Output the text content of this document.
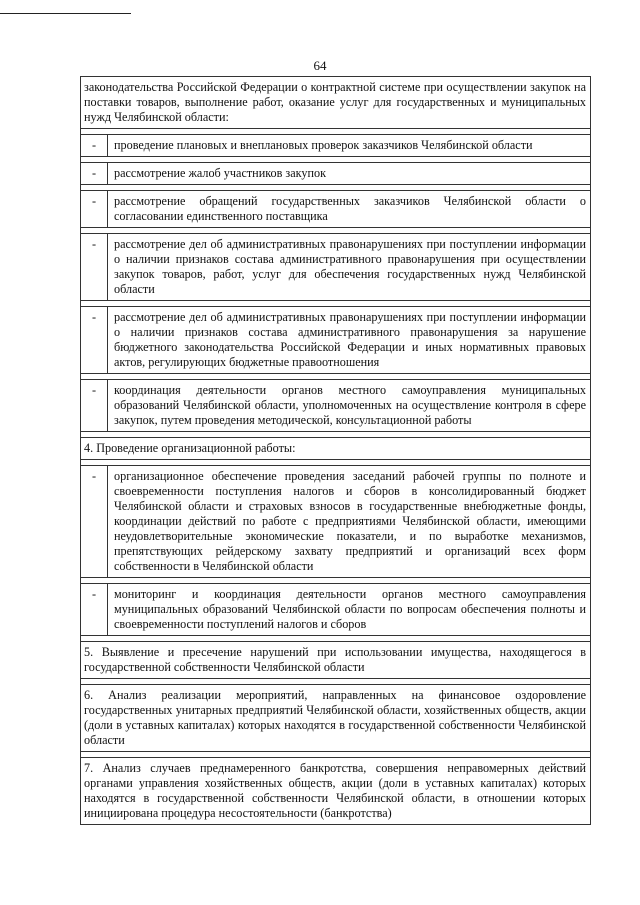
64
законодательства Российской Федерации о контрактной системе при осуществлении закупок на поставки товаров, выполнение работ, оказание услуг для государственных и муниципальных нужд Челябинской области:	

-	проведение плановых и внеплановых проверок заказчиков Челябинской области

-	рассмотрение жалоб участников закупок

-	рассмотрение обращений государственных заказчиков Челябинской области о согласовании единственного поставщика

-	рассмотрение дел об административных правонарушениях при поступлении информации о наличии признаков состава административного правонарушения при осуществлении закупок товаров, работ, услуг для обеспечения государственных нужд Челябинской области

-	рассмотрение дел об административных правонарушениях при поступлении информации о наличии признаков состава административного правонарушения за нарушение бюджетного законодательства Российской Федерации и иных нормативных правовых актов, регулирующих бюджетные правоотношения

-	координация деятельности органов местного самоуправления муниципальных образований Челябинской области, уполномоченных на осуществление контроля в сфере закупок, путем проведения методической, консультационной работы

4. Проведение организационной работы:	

-	организационное обеспечение проведения заседаний рабочей группы по полноте и своевременности поступления налогов и сборов в консолидированный бюджет Челябинской области и страховых взносов в государственные внебюджетные фонды, координации действий по работе с предприятиями Челябинской области, имеющими неудовлетворительные экономические показатели, и по выработке механизмов, препятствующих рейдерскому захвату предприятий и организаций всех форм собственности в Челябинской области

-	мониторинг и координация деятельности органов местного самоуправления муниципальных образований Челябинской области по вопросам обеспечения полноты и своевременности поступлений налогов и сборов

5. Выявление и пресечение нарушений при использовании имущества, находящегося в государственной собственности Челябинской области	

6. Анализ реализации мероприятий, направленных на финансовое оздоровление государственных унитарных предприятий Челябинской области, хозяйственных обществ, акции (доли в уставных капиталах) которых находятся в государственной собственности Челябинской области	

7. Анализ случаев преднамеренного банкротства, совершения неправомерных действий органами управления хозяйственных обществ, акции (доли в уставных капиталах) которых находятся в государственной собственности Челябинской области, в отношении которых инициирована процедура несостоятельности (банкротства)	
